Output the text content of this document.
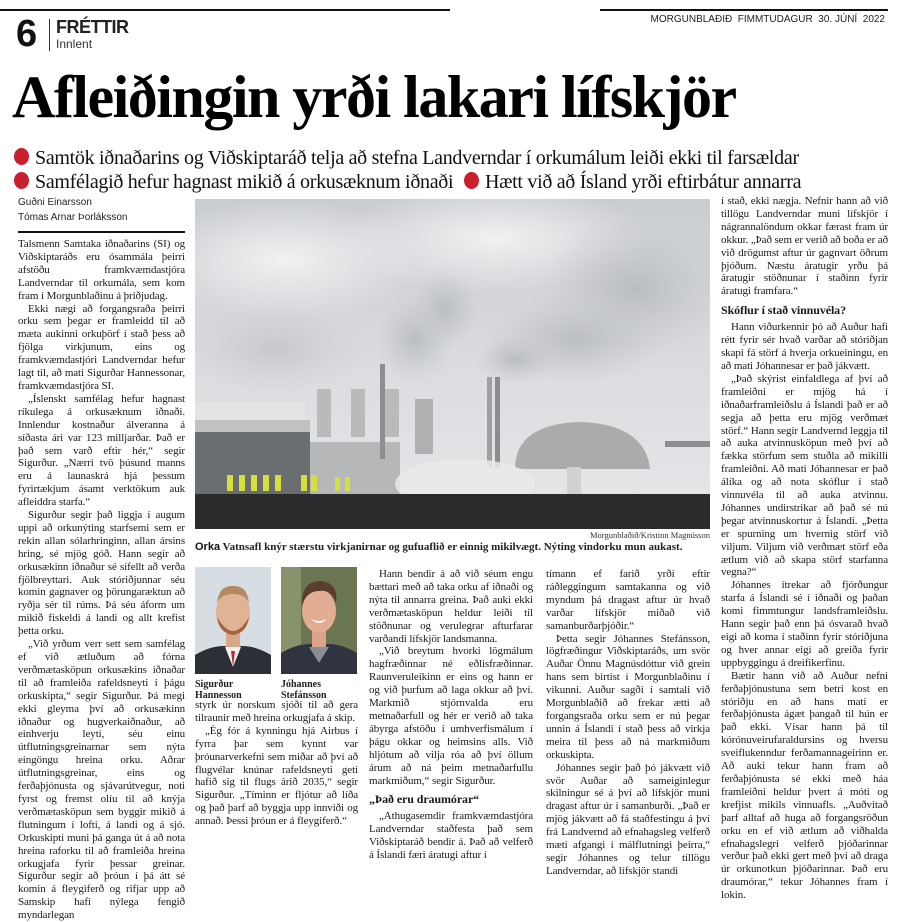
6 FRÉTTIR
Innlent
MORGUNBLAÐIÐ  FIMMTUDAGUR  30. JÚNÍ  2022
Afleiðingin yrði lakari lífskjör
Samtök iðnaðarins og Viðskiptaráð telja að stefna Landverndar í orkumálum leiði ekki til farsældar
Samfélagið hefur hagnast mikið á orkusæknum iðnaði Hætt við að Ísland yrði eftirbátur annarra
Guðni Einarsson
Tómas Arnar Þorláksson

Talsmenn Samtaka iðnaðarins (SI) og Viðskiptaráðs eru ósammála þeirri afstöðu framkvæmdastjóra Landverndar til orkumála, sem kom fram í Morgunblaðinu á þriðjudag.

Ekki nægi að forgangsraða þeirri orku sem þegar er framleidd til að mæta aukinni orkuþörf í stað þess að fjölga virkjunum, eins og framkvæmdastjóri Landverndar hefur lagt til, að mati Sigurðar Hannessonar, framkvæmdastjóra SI.

„Íslenskt samfélag hefur hagnast ríkulega á orkusæknum iðnaði. Innlendur kostnaður álveranna á síðasta ári var 123 milljarðar. Það er það sem varð eftir hér,“ segir Sigurður. „Nærri tvö þúsund manns eru á launaskrá hjá þessum fyrirtækjum ásamt verktökum auk afleiddra starfa.“

Sigurður segir það liggja í augum uppi að orkunýting starfsemi sem er rekin allan sólarhringinn, allan ársins hring, sé mjög góð. Hann segir að orkusækinn iðnaður sé sífellt að verða fjölbreyttari. Auk stóriðjunnar séu komin gagnaver og þörungaræktun að ryðja sér til rúms. Þá séu áform um mikið fiskeldi á landi og allt krefist þetta orku.

„Við yrðum verr sett sem samfélag ef við ætluðum að fórna verðmætasköpun orkusækins iðnaðar til að framleiða rafeldsneyti í þágu orkuskipta,“ segir Sigurður. Þá megi ekki gleyma því að orkusækinn iðnaður og hugverkaiðnaður, að einhverju leyti, séu einu útflutningsgreinarnar sem nýta eingöngu hreina orku. Aðrar útflutningsgreinar, eins og ferðaþjónusta og sjávarútvegur, noti fyrst og fremst olíu til að knýja verðmætasköpun sem byggir mikið á flutningum í lofti, á landi og á sjó. Orkuskipti muni þá ganga út á að nota hreina raforku til að framleiða hreina orkugjafa fyrir þessar greinar. Sigurður segir að þróun í þá átt sé komin á fleygiferð og rifjar upp að Samskip hafi nýlega fengið myndarlegan

Morgunblaðið/Kristinn Magnússon
Orka Vatnsafl knýr stærstu virkjanirnar og gufuaflið er einnig mikilvægt. Nýting vindorku mun aukast.
Sigurður
Hannesson
Jóhannes
Stefánsson

styrk úr norskum sjóði til að gera tilraunir með hreina orkugjafa á skip.

„Ég fór á kynningu hjá Airbus í fyrra þar sem kynnt var þróunarverkefni sem miðar að því að flugvélar knúnar rafeldsneyti geti hafið sig til flugs árið 2035,“ segir Sigurður. „Tíminn er fljótur að líða og það þarf að byggja upp innviði og annað. Þessi þróun er á fleygiferð.“

Hann bendir á að við séum engu bættari með að taka orku af iðnaði og nýta til annarra greina. Það auki ekki verðmætasköpun heldur leiði til stöðnunar og verulegrar afturfarar varðandi lífskjör landsmanna.

„Við breytum hvorki lögmálum hagfræðinnar né eðlisfræðinnar. Raunveruleikinn er eins og hann er og við þurfum að laga okkur að því. Markmið stjórnvalda eru metnaðarfull og hér er verið að taka ábyrga afstöðu í umhverfismálum í þágu okkar og heimsins alls. Við hljótum að vilja róa að því öllum árum að ná þeim metnaðarfullu markmiðum,“ segir Sigurður.

„Það eru draumórar“

„Athugasemdir framkvæmdastjóra Landverndar staðfesta það sem Viðskiptaráð bendir á. Það að velferð á Íslandi færi áratugi aftur í

tímann ef farið yrði eftir ráðleggingum samtakanna og við myndum þá dragast aftur úr hvað varðar lífskjör miðað við samanburðarþjóðir.“

Þetta segir Jóhannes Stefánsson, lögfræðingur Viðskiptaráðs, um svör Auðar Önnu Magnúsdóttur við grein hans sem birtist í Morgunblaðinu í vikunni. Auður sagði í samtali við Morgunblaðið að frekar ætti að forgangsraða orku sem er nú þegar unnin á Íslandi í stað þess að virkja meira til þess að ná markmiðum orkuskipta.

Jóhannes segir það þó jákvætt við svör Auðar að sameiginlegur skilningur sé á því að lífskjör muni dragast aftur úr í samanburði. „Það er mjög jákvætt að fá staðfestingu á því frá Landvernd að efnahagsleg velferð mæti afgangi í málflutningi þeirra,“ segir Jóhannes og telur tillögu Landverndar, að lífskjör standi

í stað, ekki nægja. Nefnir hann að við tillögu Landverndar muni lífskjör í nágrannalöndum okkar færast fram úr okkur. „Það sem er verið að boða er að við drögumst aftur úr gagnvart öðrum þjóðum. Næstu áratugir yrðu þá áratugir stöðnunar í staðinn fyrir áratugi framfara.“

Skóflur í stað vinnuvéla?

Hann viðurkennir þó að Auður hafi rétt fyrir sér hvað varðar að stóriðjan skapi fá störf á hverja orkueiningu, en að mati Jóhannesar er það jákvætt.

„Það skýrist einfaldlega af því að framleiðni er mjög há í iðnaðarframleiðslu á Íslandi það er að segja að þetta eru mjög verðmæt störf.“ Hann segir Landvernd leggja til að auka atvinnusköpun með því að fækka störfum sem stuðla að mikilli framleiðni. Að mati Jóhannesar er það álíka og að nota skóflur í stað vinnuvéla til að auka atvinnu. Jóhannes undirstrikar að það sé nú þegar atvinnuskortur á Íslandi. „Þetta er spurning um hvernig störf við viljum. Viljum við verðmæt störf eða ætlum við að skapa störf starfanna vegna?“

Jóhannes ítrekar að fjórðungur starfa á Íslandi sé í iðnaði og þaðan komi fimmtungur landsframleiðslu. Hann segir það enn þá ósvarað hvað eigi að koma í staðinn fyrir stóriðjuna og hver annar eigi að greiða fyrir uppbyggingu á dreifikerfinu.

Bætir hann við að Auður nefni ferðaþjónustuna sem betri kost en stóriðju en að hans mati er ferðaþjónusta ágæt þangað til hún er það ekki. Vísar hann þá til kórónuveirufaraldursins og hversu sveiflukenndur ferðamannageirinn er. Að auki tekur hann fram að ferðaþjónusta sé ekki með háa framleiðni heldur þvert á móti og krefjist mikils vinnuafls. „Auðvitað þarf alltaf að huga að forgangsröðun orku en ef við ætlum að viðhalda efnahagslegri velferð þjóðarinnar verður það ekki gert með því að draga úr orkunotkun þjóðarinnar. Það eru draumórar,“ tekur Jóhannes fram í lokin.
